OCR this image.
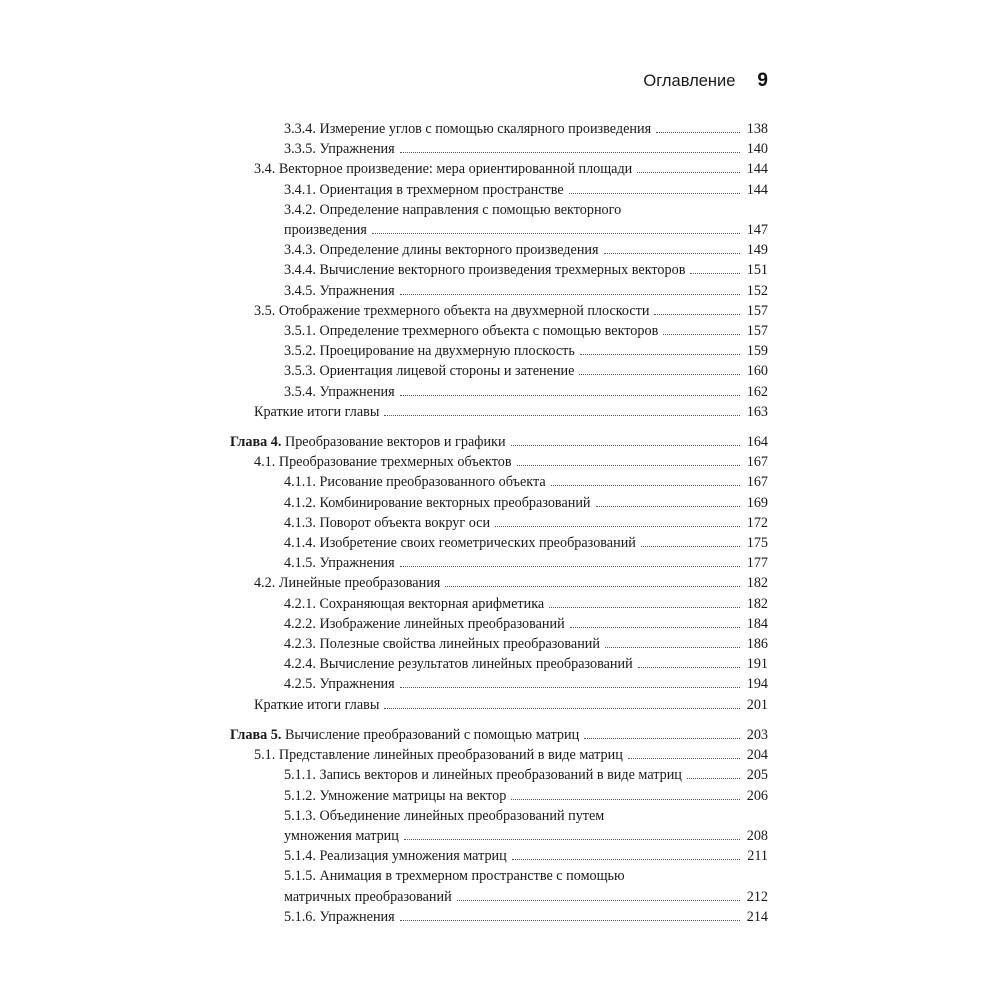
Оглавление 9
3.3.4. Измерение углов с помощью скалярного произведения	138
3.3.5. Упражнения	140
3.4. Векторное произведение: мера ориентированной площади	144
3.4.1. Ориентация в трехмерном пространстве	144
3.4.2. Определение направления с помощью векторного
произведения	147
3.4.3. Определение длины векторного произведения	149
3.4.4. Вычисление векторного произведения трехмерных векторов	151
3.4.5. Упражнения	152
3.5. Отображение трехмерного объекта на двухмерной плоскости	157
3.5.1. Определение трехмерного объекта с помощью векторов	157
3.5.2. Проецирование на двухмерную плоскость	159
3.5.3. Ориентация лицевой стороны и затенение	160
3.5.4. Упражнения	162
Краткие итоги главы	163
Глава 4. Преобразование векторов и графики	164
4.1. Преобразование трехмерных объектов	167
4.1.1. Рисование преобразованного объекта	167
4.1.2. Комбинирование векторных преобразований	169
4.1.3. Поворот объекта вокруг оси	172
4.1.4. Изобретение своих геометрических преобразований	175
4.1.5. Упражнения	177
4.2. Линейные преобразования	182
4.2.1. Сохраняющая векторная арифметика	182
4.2.2. Изображение линейных преобразований	184
4.2.3. Полезные свойства линейных преобразований	186
4.2.4. Вычисление результатов линейных преобразований	191
4.2.5. Упражнения	194
Краткие итоги главы	201
Глава 5. Вычисление преобразований с помощью матриц	203
5.1. Представление линейных преобразований в виде матриц	204
5.1.1. Запись векторов и линейных преобразований в виде матриц	205
5.1.2. Умножение матрицы на вектор	206
5.1.3. Объединение линейных преобразований путем
умножения матриц	208
5.1.4. Реализация умножения матриц	211
5.1.5. Анимация в трехмерном пространстве с помощью
матричных преобразований	212
5.1.6. Упражнения	214
